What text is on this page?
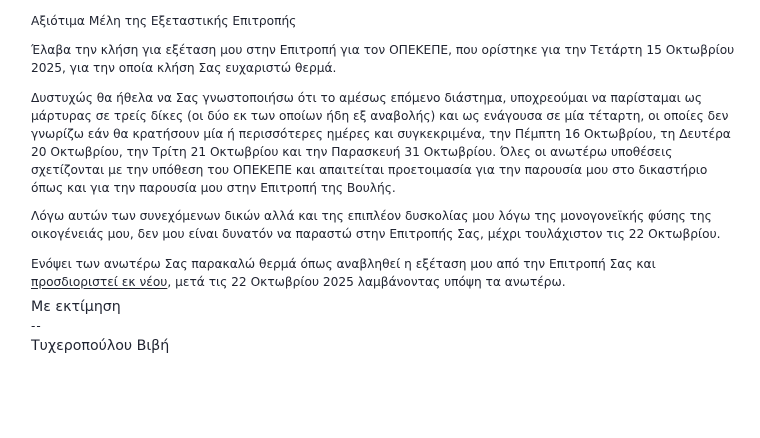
Αξιότιμα Μέλη της Εξεταστικής Επιτροπής

Έλαβα την κλήση για εξέταση μου στην Επιτροπή για τον ΟΠΕΚΕΠΕ, που ορίστηκε για την Τετάρτη 15 Οκτωβρίου 2025, για την οποία κλήση Σας ευχαριστώ θερμά.

Δυστυχώς θα ήθελα να Σας γνωστοποιήσω ότι το αμέσως επόμενο διάστημα, υποχρεούμαι να παρίσταμαι ως μάρτυρας σε τρείς δίκες (οι δύο εκ των οποίων ήδη εξ αναβολής) και ως ενάγουσα σε μία τέταρτη, οι οποίες δεν γνωρίζω εάν θα κρατήσουν μία ή περισσότερες ημέρες και συγκεκριμένα, την Πέμπτη 16 Οκτωβρίου, τη Δευτέρα 20 Οκτωβρίου, την Τρίτη 21 Οκτωβρίου και την Παρασκευή 31 Οκτωβρίου. Όλες οι ανωτέρω υποθέσεις σχετίζονται με την υπόθεση του ΟΠΕΚΕΠΕ και απαιτείται προετοιμασία για την παρουσία μου στο δικαστήριο όπως και για την παρουσία μου στην Επιτροπή της Βουλής.

Λόγω αυτών των συνεχόμενων δικών αλλά και της επιπλέον δυσκολίας μου λόγω της μονογονεϊκής φύσης της οικογένειάς μου, δεν μου είναι δυνατόν να παραστώ στην Επιτροπής Σας, μέχρι τουλάχιστον τις 22 Οκτωβρίου.

Ενόψει των ανωτέρω Σας παρακαλώ θερμά όπως αναβληθεί η εξέταση μου από την Επιτροπή Σας και προσδιοριστεί εκ νέου, μετά τις 22 Οκτωβρίου 2025 λαμβάνοντας υπόψη τα ανωτέρω.

Με εκτίμηση

--

Τυχεροπούλου Βιβή
